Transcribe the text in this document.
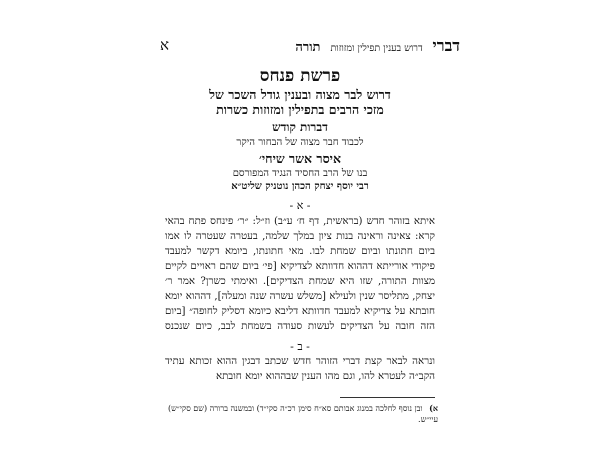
דברי
דרוש בענין תפילין ומזוזות
תורה
א
פרשת פנחס
דרוש לבר מצוה ובענין גודל השכר של
מזכי הרבים בתפילין ומזוזות כשרות
דברות קודש
לכבוד חבר מצוה של הבחור היקר
איסר אשר שיחי׳
בנו של הרב החסיד הנגיד המפורסם
רבי יוסף יצחק הכהן נוטניק שליט״א
- א -
איתא בזוהר חדש (בראשית, דף ח׳ ע״ב) וז״ל: ״ר׳ פינחס פתח בהאי קרא: צאינה וראינה בנות ציון במלך שלמה, בעטרה שעטרה לו אמו ביום חתונתו וביום שמחת לבו. מאי חתונתו, ביומא דקשר למעבד פיקודי אורייתא דההוא חדוותא לצדיקיא [פי׳ ביום שהם ראויים לקיים מצוות התורה, שזו היא שמחת הצדיקים]. ואימתי כשרן? אמר ר׳ יצחק, מתליסר שנין ולעילא [משלש עשרה שנה ומעלה], דההוא יומא חובתא על צדיקיא למעבד חדוותא דליבא כיומא דסליק לחופה״ [ביום הזה חובה על הצדיקים לעשות סעודה בשמחת לבב, כיום שנכנס
- ב -
ונראה לבאר קצת דברי הזוהר חדש שכתב דבגין ההוא זכותא עתיד הקב״ה לעטרא להו, וגם מהו הענין שבההוא יומא חובתא
א) ובן נוסף לחלכה במנוג אבותם סא״ח סימן רכ״ה סקי״ד) ובמשנה ברורה (שם סקי״ש) עיי״ש.
